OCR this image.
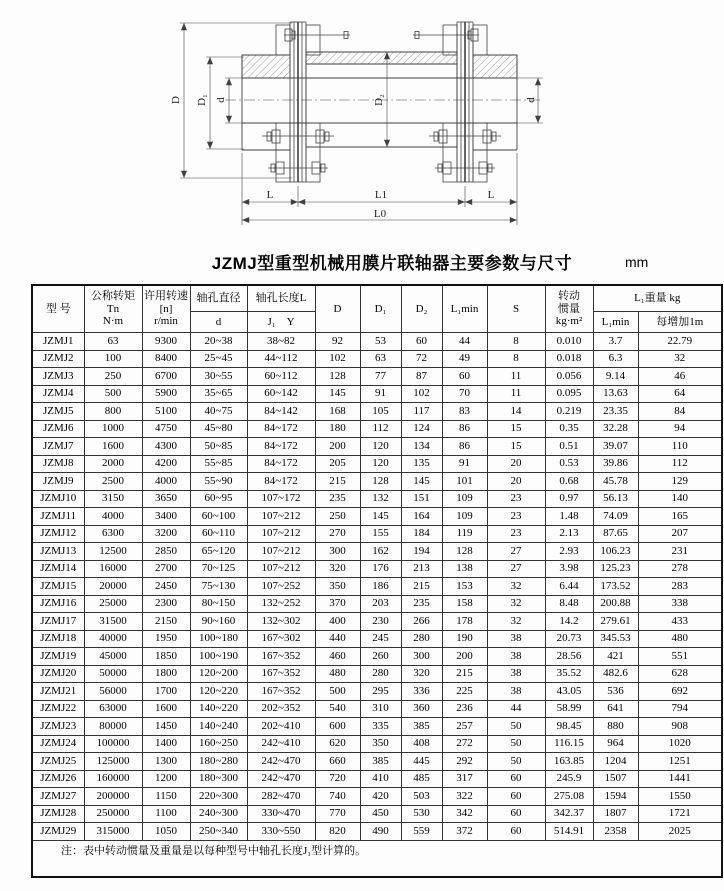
D D₁ d	D₂	d
L	L1	L
L0
JZMJ型重型机械用膜片联轴器主要参数与尺寸	mm
型 号	公称转矩
Tn
N·m	许用转速
[n]
r/min	轴孔直径	轴孔长度L	D	D₁	D₂	L₁min	S	转动
惯量
kg·m²	L₁重量 kg	
			d	J₁　Y							L₁min	每增加1m
JZMJ1	63	9300	20~38	38~82	92	53	60	44	8	0.010	3.7	22.79
JZMJ2	100	8400	25~45	44~112	102	63	72	49	8	0.018	6.3	32
JZMJ3	250	6700	30~55	60~112	128	77	87	60	11	0.056	9.14	46
JZMJ4	500	5900	35~65	60~142	145	91	102	70	11	0.095	13.63	64
JZMJ5	800	5100	40~75	84~142	168	105	117	83	14	0.219	23.35	84
JZMJ6	1000	4750	45~80	84~172	180	112	124	86	15	0.35	32.28	94
JZMJ7	1600	4300	50~85	84~172	200	120	134	86	15	0.51	39.07	110
JZMJ8	2000	4200	55~85	84~172	205	120	135	91	20	0.53	39.86	112
JZMJ9	2500	4000	55~90	84~172	215	128	145	101	20	0.68	45.78	129
JZMJ10	3150	3650	60~95	107~172	235	132	151	109	23	0.97	56.13	140
JZMJ11	4000	3400	60~100	107~212	250	145	164	109	23	1.48	74.09	165
JZMJ12	6300	3200	60~110	107~212	270	155	184	119	23	2.13	87.65	207
JZMJ13	12500	2850	65~120	107~212	300	162	194	128	27	2.93	106.23	231
JZMJ14	16000	2700	70~125	107~212	320	176	213	138	27	3.98	125.23	278
JZMJ15	20000	2450	75~130	107~252	350	186	215	153	32	6.44	173.52	283
JZMJ16	25000	2300	80~150	132~252	370	203	235	158	32	8.48	200.88	338
JZMJ17	31500	2150	90~160	132~302	400	230	266	178	32	14.2	279.61	433
JZMJ18	40000	1950	100~180	167~302	440	245	280	190	38	20.73	345.53	480
JZMJ19	45000	1850	100~190	167~352	460	260	300	200	38	28.56	421	551
JZMJ20	50000	1800	120~200	167~352	480	280	320	215	38	35.52	482.6	628
JZMJ21	56000	1700	120~220	167~352	500	295	336	225	38	43.05	536	692
JZMJ22	63000	1600	140~220	202~352	540	310	360	236	44	58.99	641	794
JZMJ23	80000	1450	140~240	202~410	600	335	385	257	50	98.45	880	908
JZMJ24	100000	1400	160~250	242~410	620	350	408	272	50	116.15	964	1020
JZMJ25	125000	1300	180~280	242~470	660	385	445	292	50	163.85	1204	1251
JZMJ26	160000	1200	180~300	242~470	720	410	485	317	60	245.9	1507	1441
JZMJ27	200000	1150	220~300	282~470	740	420	503	322	60	275.08	1594	1550
JZMJ28	250000	1100	240~300	330~470	770	450	530	342	60	342.37	1807	1721
JZMJ29	315000	1050	250~340	330~550	820	490	559	372	60	514.91	2358	2025
注：表中转动惯量及重量是以每种型号中轴孔长度J₁型计算的。												
